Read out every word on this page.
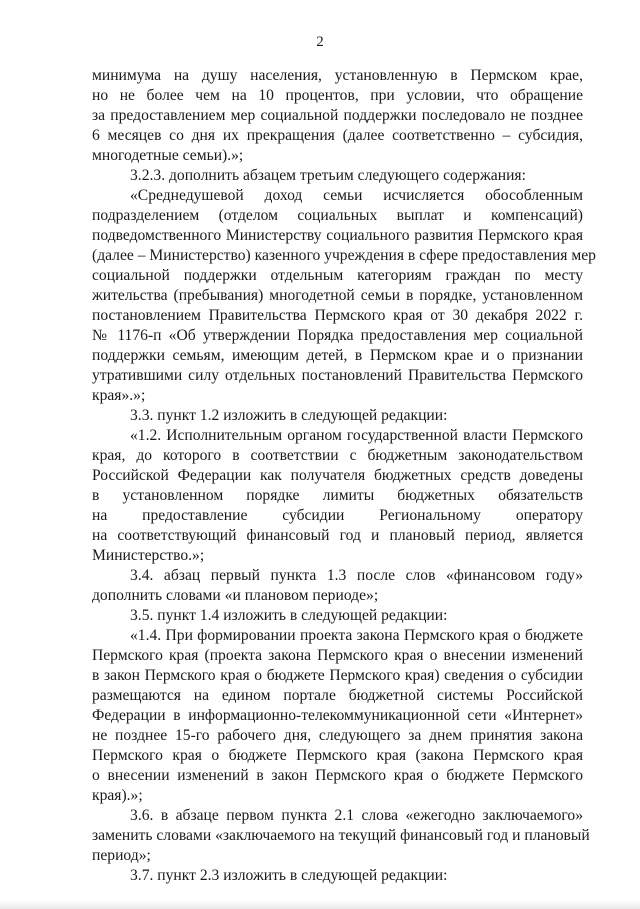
2
минимума на душу населения, установленную в Пермском крае,
но не более чем на 10 процентов, при условии, что обращение
за предоставлением мер социальной поддержки последовало не позднее
6 месяцев со дня их прекращения (далее соответственно – субсидия,
многодетные семьи).»;
3.2.3. дополнить абзацем третьим следующего содержания:
«Среднедушевой доход семьи исчисляется обособленным
подразделением (отделом социальных выплат и компенсаций)
подведомственного Министерству социального развития Пермского края
(далее – Министерство) казенного учреждения в сфере предоставления мер
социальной поддержки отдельным категориям граждан по месту
жительства (пребывания) многодетной семьи в порядке, установленном
постановлением Правительства Пермского края от 30 декабря 2022 г.
№ 1176-п «Об утверждении Порядка предоставления мер социальной
поддержки семьям, имеющим детей, в Пермском крае и о признании
утратившими силу отдельных постановлений Правительства Пермского
края».»;
3.3. пункт 1.2 изложить в следующей редакции:
«1.2. Исполнительным органом государственной власти Пермского
края, до которого в соответствии с бюджетным законодательством
Российской Федерации как получателя бюджетных средств доведены
в установленном порядке лимиты бюджетных обязательств
на предоставление субсидии Региональному оператору
на соответствующий финансовый год и плановый период, является
Министерство.»;
3.4. абзац первый пункта 1.3 после слов «финансовом году»
дополнить словами «и плановом периоде»;
3.5. пункт 1.4 изложить в следующей редакции:
«1.4. При формировании проекта закона Пермского края о бюджете
Пермского края (проекта закона Пермского края о внесении изменений
в закон Пермского края о бюджете Пермского края) сведения о субсидии
размещаются на едином портале бюджетной системы Российской
Федерации в информационно-телекоммуникационной сети «Интернет»
не позднее 15-го рабочего дня, следующего за днем принятия закона
Пермского края о бюджете Пермского края (закона Пермского края
о внесении изменений в закон Пермского края о бюджете Пермского
края).»;
3.6. в абзаце первом пункта 2.1 слова «ежегодно заключаемого»
заменить словами «заключаемого на текущий финансовый год и плановый
период»;
3.7. пункт 2.3 изложить в следующей редакции:
